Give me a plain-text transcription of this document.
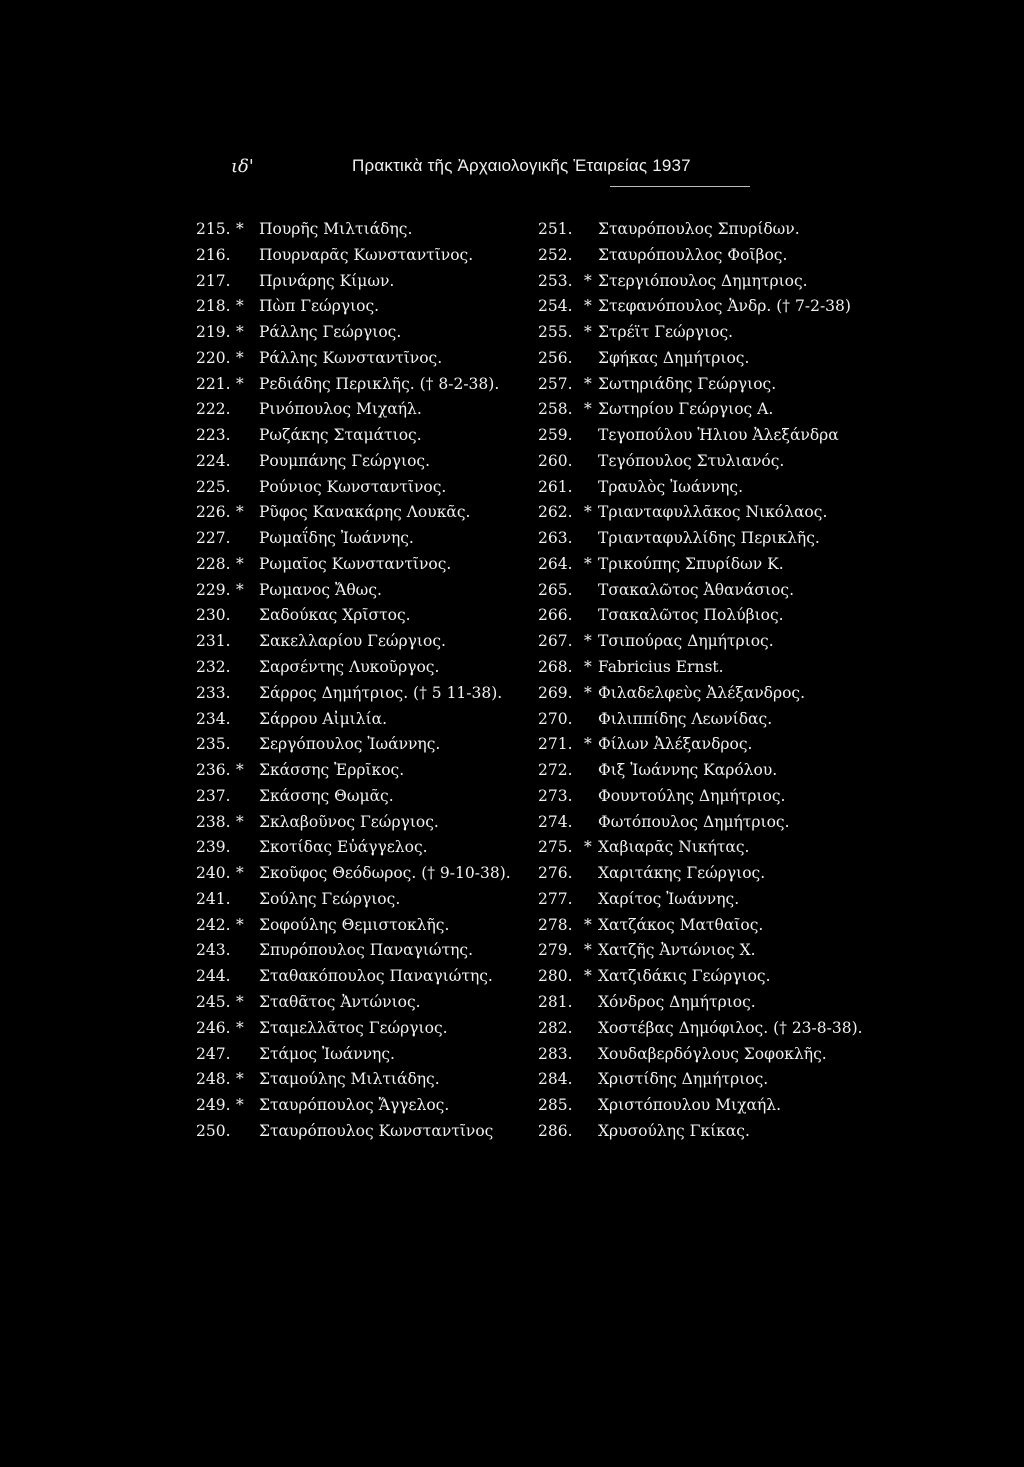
ιδ'	Πρακτικὰ τῆς Ἀρχαιολογικῆς Ἑταιρείας 1937
215. * Πουρῆς Μιλτιάδης.
216. Πουρναρᾶς Κωνσταντῖνος.
217. Πρινάρης Κίμων.
218. * Πὼπ Γεώργιος.
219. * Ράλλης Γεώργιος.
220. * Ράλλης Κωνσταντῖνος.
221. * Ρεδιάδης Περικλῆς. († 8-2-38).
222. Ρινόπουλος Μιχαήλ.
223. Ρωζάκης Σταμάτιος.
224. Ρουμπάνης Γεώργιος.
225. Ρούνιος Κωνσταντῖνος.
226. * Ρῦφος Κανακάρης Λουκᾶς.
227. Ρωμαΐδης Ἰωάννης.
228. * Ρωμαῖος Κωνσταντῖνος.
229. * Ρωμανος Ἄθως.
230. Σαδούκας Χρῖστος.
231. Σακελλαρίου Γεώργιος.
232. Σαρσέντης Λυκοῦργος.
233. Σάρρος Δημήτριος. († 5 11-38).
234. Σάρρου Αἰμιλία.
235. Σεργόπουλος Ἰωάννης.
236. * Σκάσσης Ἑρρῖκος.
237. Σκάσσης Θωμᾶς.
238. * Σκλαβοῦνος Γεώργιος.
239. Σκοτίδας Εὐάγγελος.
240. * Σκοῦφος Θεόδωρος. († 9-10-38).
241. Σούλης Γεώργιος.
242. * Σοφούλης Θεμιστοκλῆς.
243. Σπυρόπουλος Παναγιώτης.
244. Σταθακόπουλος Παναγιώτης.
245. * Σταθᾶτος Ἀντώνιος.
246. * Σταμελλᾶτος Γεώργιος.
247. Στάμος Ἰωάννης.
248. * Σταμούλης Μιλτιάδης.
249. * Σταυρόπουλος Ἄγγελος.
250. Σταυρόπουλος Κωνσταντῖνος
251. Σταυρόπουλος Σπυρίδων.
252. Σταυρόπουλλος Φοῖβος.
253. * Στεργιόπουλος Δημητριος.
254. * Στεφανόπουλος Ἀνδρ. († 7-2-38)
255. * Στρέϊτ Γεώργιος.
256. Σφήκας Δημήτριος.
257. * Σωτηριάδης Γεώργιος.
258. * Σωτηρίου Γεώργιος Α.
259. Τεγοπούλου Ἡλιου Ἀλεξάνδρα
260. Τεγόπουλος Στυλιανός.
261. Τραυλὸς Ἰωάννης.
262. * Τριανταφυλλᾶκος Νικόλαος.
263. Τριανταφυλλίδης Περικλῆς.
264. * Τρικούπης Σπυρίδων Κ.
265. Τσακαλῶτος Ἀθανάσιος.
266. Τσακαλῶτος Πολύβιος.
267. * Τσιπούρας Δημήτριος.
268. * Fabricius Ernst.
269. * Φιλαδελφεὺς Ἀλέξανδρος.
270. Φιλιππίδης Λεωνίδας.
271. * Φίλων Ἀλέξανδρος.
272. Φιξ Ἰωάννης Καρόλου.
273. Φουντούλης Δημήτριος.
274. Φωτόπουλος Δημήτριος.
275. * Χαβιαρᾶς Νικήτας.
276. Χαριτάκης Γεώργιος.
277. Χαρίτος Ἰωάννης.
278. * Χατζάκος Ματθαῖος.
279. * Χατζῆς Ἀντώνιος Χ.
280. * Χατζιδάκις Γεώργιος.
281. Χόνδρος Δημήτριος.
282. Χοστέβας Δημόφιλος. († 23-8-38).
283. Χουδαβερδόγλους Σοφοκλῆς.
284. Χριστίδης Δημήτριος.
285. Χριστόπουλου Μιχαήλ.
286. Χρυσούλης Γκίκας.
